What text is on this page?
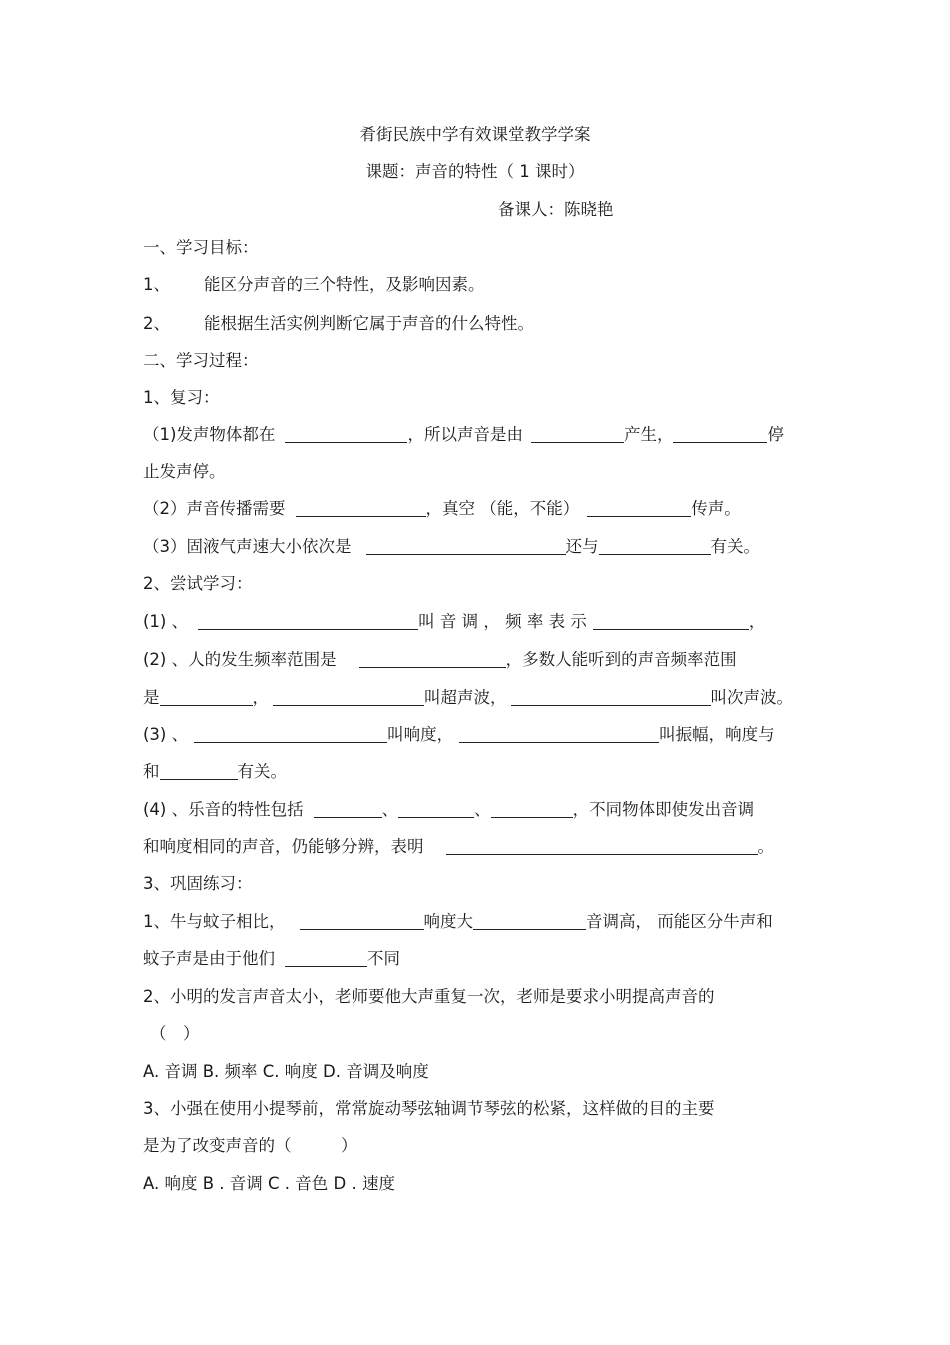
肴街民族中学有效课堂教学学案
课题：声音的特性（ 1 课时）
备课人：陈晓艳
一、学习目标：
1、 能区分声音的三个特性，及影响因素。
2、 能根据生活实例判断它属于声音的什么特性。
二、学习过程：
1、复习：
（1)发声物体都在	，所以声音是由	产生，	停
止发声停。
（2）声音传播需要	，真空 （能，不能）	传声。
（3）固液气声速大小依次是	还与	有关。
2、尝试学习：
(1) 、	叫 音 调 ， 频 率 表 示	，
(2) 、人的发生频率范围是	，多数人能听到的声音频率范围
是	，	叫超声波，	叫次声波。
(3) 、	叫响度，	叫振幅，响度与
和	有关。
(4) 、乐音的特性包括	、	、	，不同物体即使发出音调
和响度相同的声音，仍能够分辨，表明	。
3、巩固练习：
1、牛与蚊子相比，	响度大	音调高， 而能区分牛声和
蚊子声是由于他们	不同
2、小明的发言声音太小，老师要他大声重复一次，老师是要求小明提高声音的
（　）
A. 音调 B. 频率 C. 响度 D. 音调及响度
3、小强在使用小提琴前，常常旋动琴弦轴调节琴弦的松紧，这样做的目的主要
是为了改变声音的（　　　）
A. 响度 B . 音调 C . 音色 D . 速度
